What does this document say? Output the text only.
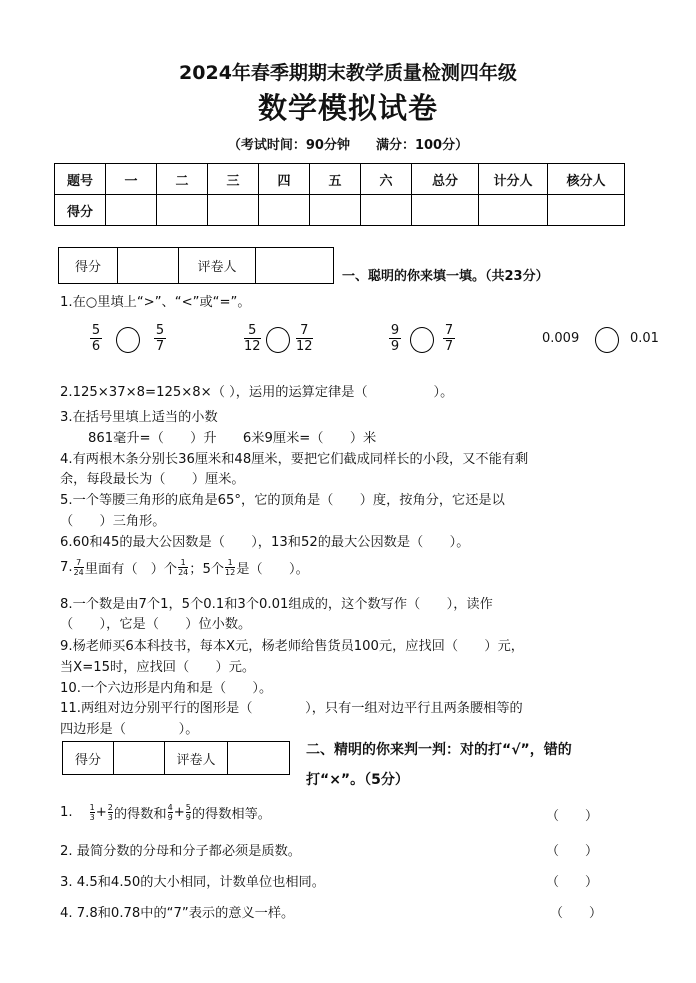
2024年春季期期末教学质量检测四年级
数学模拟试卷
（考试时间：90分钟　　满分：100分）
题号	一	二	三	四	五	六	总分	计分人	核分人
得分									
得分	评卷人
一、聪明的你来填一填。（共23分）
1.在○里填上“>”、“<”或“=”。
5
6
5
7
5
12
7
12
9
9
7
7
0.009	0.01
2.125×37×8=125×8×（ ），运用的运算定律是（　　　　　）。
3.在括号里填上适当的小数
861毫升=（　　）升　　6米9厘米=（　　）米
4.有两根木条分别长36厘米和48厘米，要把它们截成同样长的小段，又不能有剩
余，每段最长为（　　）厘米。
5.一个等腰三角形的底角是65°，它的顶角是（　　）度，按角分，它还是以
（　　）三角形。
6.60和45的最大公因数是（　　），13和52的最大公因数是（　　）。
7. 7
24 里面有（　）个 1
24 ；5个 1
12 是（　　）。
8.一个数是由7个1，5个0.1和3个0.01组成的，这个数写作（　　），读作
（　　），它是（　　）位小数。
9.杨老师买6本科技书，每本X元，杨老师给售货员100元，应找回（　　）元，
当X=15时，应找回（　　）元。
10.一个六边形是内角和是（　　）。
11.两组对边分别平行的图形是（　　　　），只有一组对边平行且两条腰相等的
四边形是（　　　　）。
得分	评卷人
二、精明的你来判一判：对的打“√”，错的
打“×”。（5分）
1. 1
3 + 2
3 的得数和 4
9 + 5
9 的得数相等。	（　　）
2. 最简分数的分母和分子都必须是质数。	（　　）
3. 4.5和4.50的大小相同，计数单位也相同。	（　　）
4. 7.8和0.78中的“7”表示的意义一样。	（　　）
